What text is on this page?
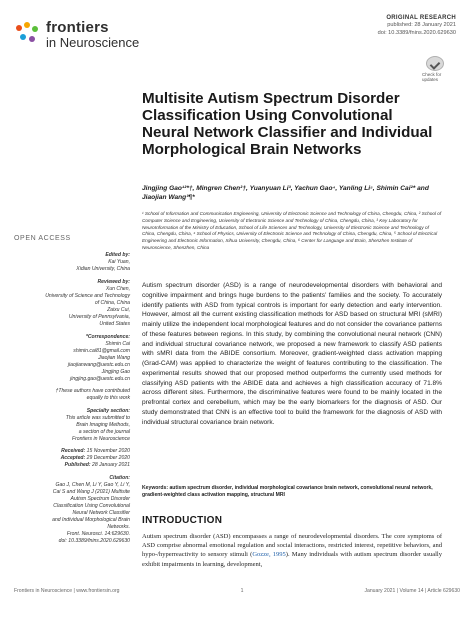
frontiers
in Neuroscience
ORIGINAL RESEARCH
published: 28 January 2021
doi: 10.3389/fnins.2020.629630
Check for updates
Multisite Autism Spectrum Disorder Classification Using Convolutional Neural Network Classifier and Individual Morphological Brain Networks
Jingjing Gao¹²*†, Mingren Chen²†, Yuanyuan Li³, Yachun Gao⁴, Yanling Li⁵, Shimin Cai²* and Jiaojian Wang³¶*

¹ School of Information and Communication Engineering, University of Electronic Science and Technology of China, Chengdu, China, ² School of Computer Science and Engineering, University of Electronic Science and Technology of China, Chengdu, China, ³ Key Laboratory for NeuroInformation of the Ministry of Education, School of Life Sciences and Technology, University of Electronic Science and Technology of China, Chengdu, China, ⁴ School of Physics, University of Electronic Science and Technology of China, Chengdu, China, ⁵ School of Electrical Engineering and Electronic Information, Xihua University, Chengdu, China, ⁶ Center for Language and Brain, Shenzhen Institute of Neuroscience, Shenzhen, China

OPEN ACCESS
Edited by:
Kai Yuan,
Xidian University, China
Reviewed by:
Xun Chen,
University of Science and Technology
of China, China
Zaixu Cui,
University of Pennsylvania,
United States
*Correspondence:
Shimin Cai
shimin.cai81@gmail.com
Jiaojian Wang
jiaojianwang@uestc.edu.cn
Jingjing Gao
jingjing.gao@uestc.edu.cn
†These authors have contributed
equally to this work
Specialty section:
This article was submitted to
Brain Imaging Methods,
a section of the journal
Frontiers in Neuroscience
Received: 15 November 2020
Accepted: 29 December 2020
Published: 28 January 2021
Citation:
Gao J, Chen M, Li Y, Gao Y, Li Y,
Cai S and Wang J (2021) Multisite
Autism Spectrum Disorder
Classification Using Convolutional
Neural Network Classifier
and Individual Morphological Brain
Networks.
Front. Neurosci. 14:629630.
doi: 10.3389/fnins.2020.629630

Autism spectrum disorder (ASD) is a range of neurodevelopmental disorders with behavioral and cognitive impairment and brings huge burdens to the patients’ families and the society. To accurately identify patients with ASD from typical controls is important for early detection and early intervention. However, almost all the current existing classification methods for ASD based on structural MRI (sMRI) mainly utilize the independent local morphological features and do not consider the covariance patterns of these features between regions. In this study, by combining the convolutional neural network (CNN) and individual structural covariance network, we proposed a new framework to classify ASD patients with sMRI data from the ABIDE consortium. Moreover, gradient-weighted class activation mapping (Grad-CAM) was applied to characterize the weight of features contributing to the classification. The experimental results showed that our proposed method outperforms the currently used methods for classifying ASD patients with the ABIDE data and achieves a high classification accuracy of 71.8% across different sites. Furthermore, the discriminative features were found to be mainly located in the prefrontal cortex and cerebellum, which may be the early biomarkers for the diagnosis of ASD. Our study demonstrated that CNN is an effective tool to build the framework for the diagnosis of ASD with individual structural covariance brain network.

Keywords: autism spectrum disorder, individual morphological covariance brain network, convolutional neural network, gradient-weighted class activation mapping, structural MRI
INTRODUCTION

Autism spectrum disorder (ASD) encompasses a range of neurodevelopmental disorders. The core symptoms of ASD comprise abnormal emotional regulation and social interactions, restricted interest, repetitive behaviors, and hypo-/hyperreactivity to sensory stimuli (Gozze, 1995). Many individuals with autism spectrum disorder usually exhibit impairments in learning, development,

Frontiers in Neuroscience | www.frontiersin.org	1	January 2021 | Volume 14 | Article 629630
